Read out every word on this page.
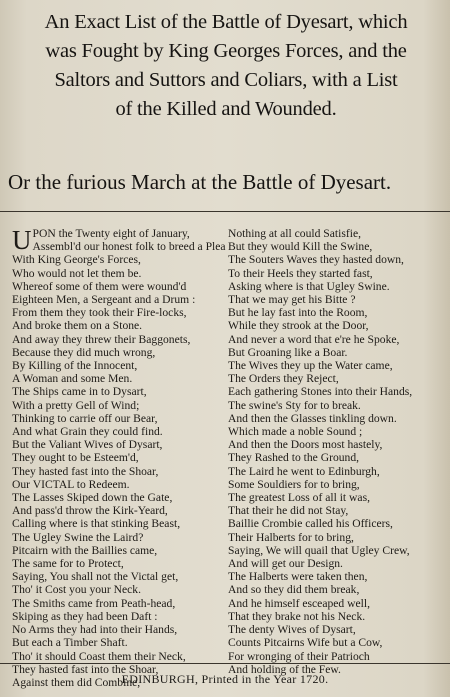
An Exact List of the Battle of Dyesart, which
was Fought by King Georges Forces, and the
Saltors and Suttors and Coliars, with a List
of the Killed and Wounded.
Or the furious March at the Battle of Dyesart.
U PON the Twenty eight of January,
Assembl'd our honest folk to breed a Plea
With King George's Forces,
Who would not let them be.
Whereof some of them were wound'd
Eighteen Men, a Sergeant and a Drum :
From them they took their Fire-locks,
And broke them on a Stone.
And away they threw their Baggonets,
Because they did much wrong,
By Killing of the Innocent,
A Woman and some Men.
The Ships came in to Dysart,
With a pretty Gell of Wind;
Thinking to carrie off our Bear,
And what Grain they could find.
But the Valiant Wives of Dysart,
They ought to be Esteem'd,
They hasted fast into the Shoar,
Our VICTAL to Redeem.
The Lasses Skiped down the Gate,
And pass'd throw the Kirk-Yeard,
Calling where is that stinking Beast,
The Ugley Swine the Laird?
Pitcairn with the Baillies came,
The same for to Protect,
Saying, You shall not the Victal get,
Tho' it Cost you your Neck.
The Smiths came from Peath-head,
Skiping as they had been Daft :
No Arms they had into their Hands,
But each a Timber Shaft.
Tho' it should Coast them their Neck,
They hasted fast into the Shoar,
Against them did Combine,
Nothing at all could Satisfie,
But they would Kill the Swine,
The Souters Waves they hasted down,
To their Heels they started fast,
Asking where is that Ugley Swine.
That we may get his Bitte ?
But he lay fast into the Room,
While they strook at the Door,
And never a word that e're he Spoke,
But Groaning like a Boar.
The Wives they up the Water came,
The Orders they Reject,
Each gathering Stones into their Hands,
The swine's Sty for to break.
And then the Glasses tinkling down.
Which made a noble Sound ;
And then the Doors most hastely,
They Rashed to the Ground,
The Laird he went to Edinburgh,
Some Souldiers for to bring,
The greatest Loss of all it was,
That their he did not Stay,
Baillie Crombie called his Officers,
Their Halberts for to bring,
Saying, We will quail that Ugley Crew,
And will get our Design.
The Halberts were taken then,
And so they did them break,
And he himself esceaped well,
That they brake not his Neck.
The denty Wives of Dysart,
Counts Pitcairns Wife but a Cow,
For wronging of their Patrioch
And holding of the Few.
EDINBURGH, Printed in the Year 1720.
